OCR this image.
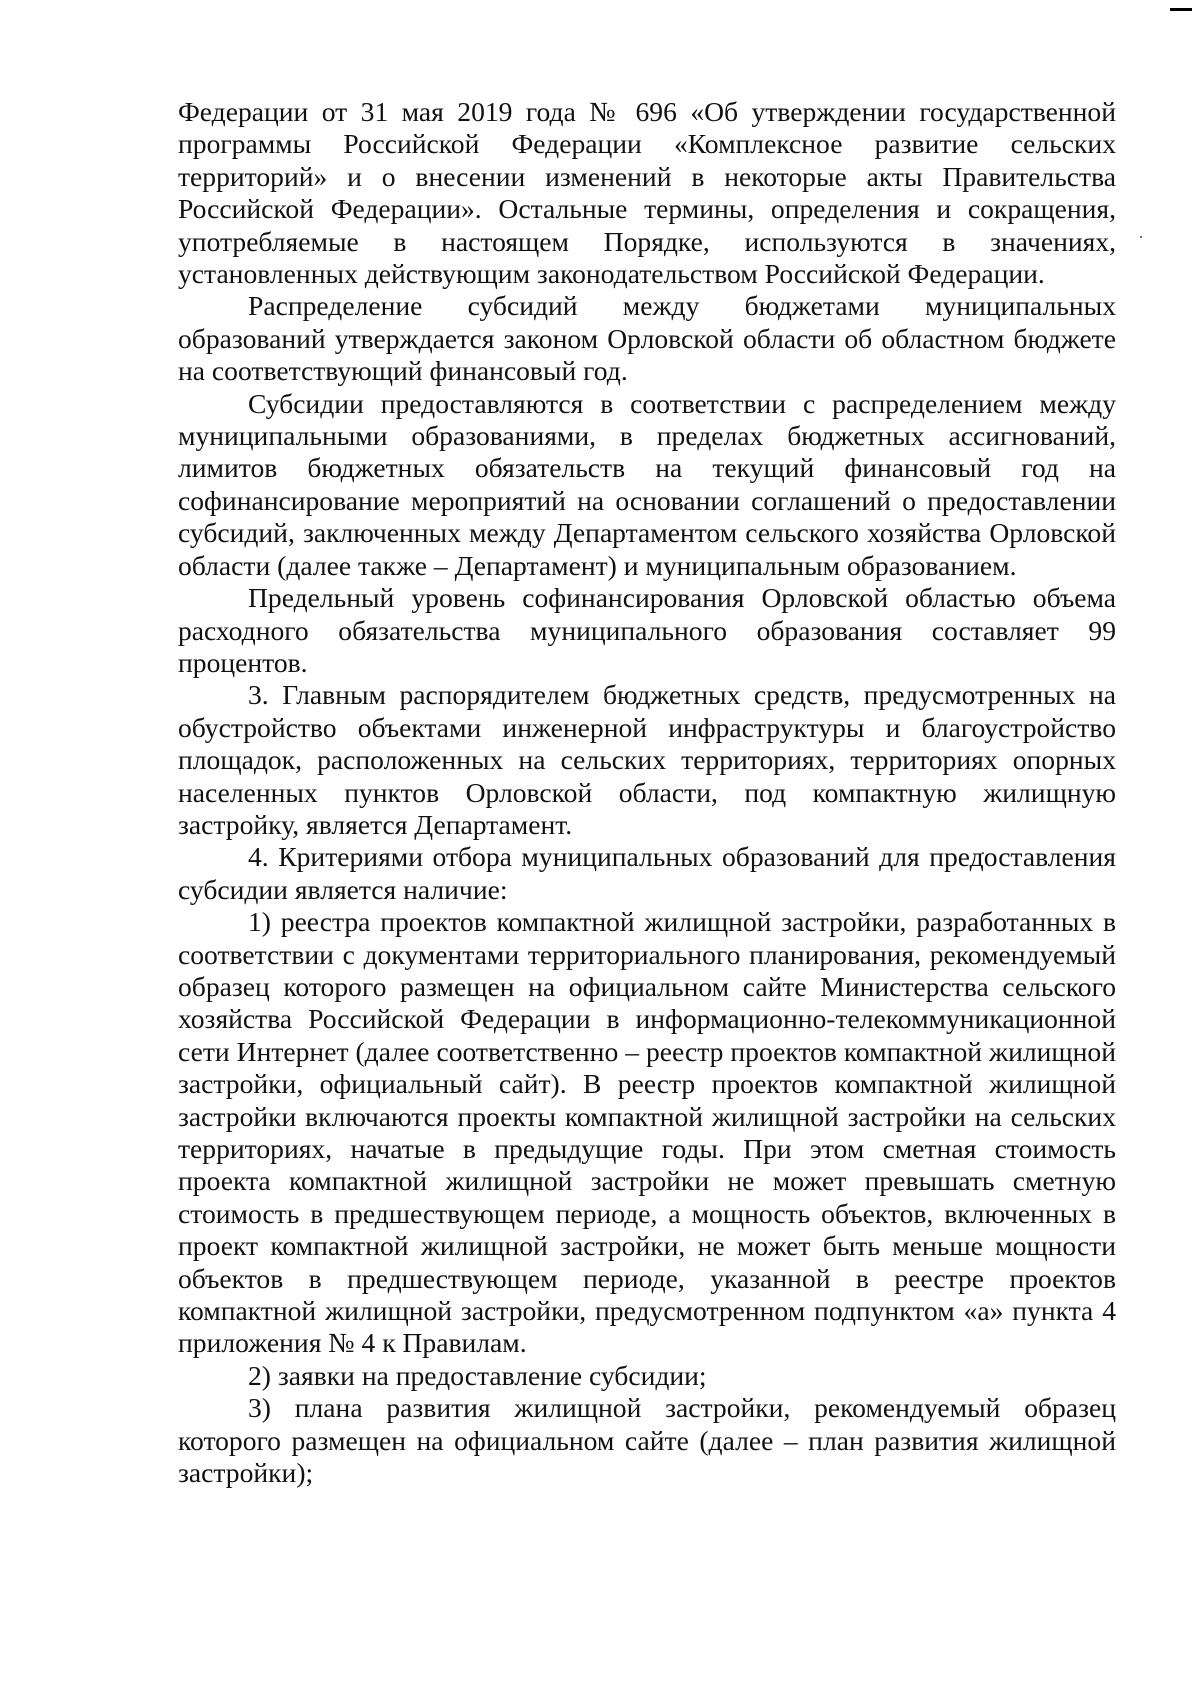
Федерации от 31 мая 2019 года № 696 «Об утверждении государственной программы Российской Федерации «Комплексное развитие сельских территорий» и о внесении изменений в некоторые акты Правительства Российской Федерации». Остальные термины, определения и сокращения, употребляемые в настоящем Порядке, используются в значениях, установленных действующим законодательством Российской Федерации.

Распределение субсидий между бюджетами муниципальных образований утверждается законом Орловской области об областном бюджете на соответствующий финансовый год.

Субсидии предоставляются в соответствии с распределением между муниципальными образованиями, в пределах бюджетных ассигнований, лимитов бюджетных обязательств на текущий финансовый год на софинансирование мероприятий на основании соглашений о предоставлении субсидий, заключенных между Департаментом сельского хозяйства Орловской области (далее также – Департамент) и муниципальным образованием.

Предельный уровень софинансирования Орловской областью объема расходного обязательства муниципального образования составляет 99 процентов.

3. Главным распорядителем бюджетных средств, предусмотренных на обустройство объектами инженерной инфраструктуры и благоустройство площадок, расположенных на сельских территориях, территориях опорных населенных пунктов Орловской области, под компактную жилищную застройку, является Департамент.

4. Критериями отбора муниципальных образований для предоставления субсидии является наличие:

1) реестра проектов компактной жилищной застройки, разработанных в соответствии с документами территориального планирования, рекомендуемый образец которого размещен на официальном сайте Министерства сельского хозяйства Российской Федерации в информационно-телекоммуникационной сети Интернет (далее соответственно – реестр проектов компактной жилищной застройки, официальный сайт). В реестр проектов компактной жилищной застройки включаются проекты компактной жилищной застройки на сельских территориях, начатые в предыдущие годы. При этом сметная стоимость проекта компактной жилищной застройки не может превышать сметную стоимость в предшествующем периоде, а мощность объектов, включенных в проект компактной жилищной застройки, не может быть меньше мощности объектов в предшествующем периоде, указанной в реестре проектов компактной жилищной застройки, предусмотренном подпунктом «а» пункта 4 приложения № 4 к Правилам.

2) заявки на предоставление субсидии;

3) плана развития жилищной застройки, рекомендуемый образец которого размещен на официальном сайте (далее – план развития жилищной застройки);
